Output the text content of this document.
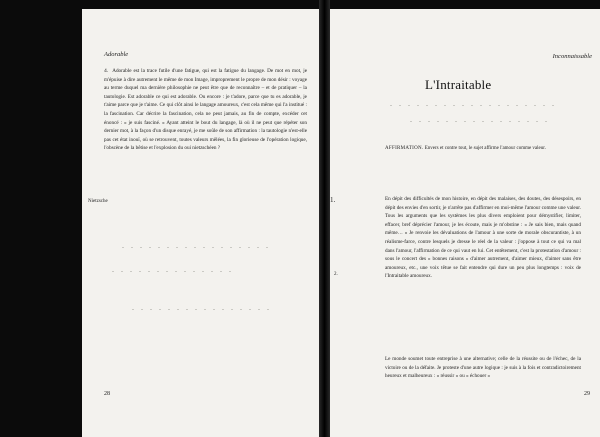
Adorable
4. Adorable est la trace futile d'une fatigue, qui est la fatigue du langage. De mot en mot, je m'épuise à dire autrement le même de mon Image, improprement le propre de mon désir : voyage au terme duquel ma dernière philosophie ne peut être que de reconnaître – et de pratiquer – la tautologie. Est adorable ce qui est adorable. Ou encore : je t'adore, parce que tu es adorable, je t'aime parce que je t'aime. Ce qui clôt ainsi le langage amoureux, c'est cela même qui l'a institué : la fascination. Car décrire la fascination, cela ne peut jamais, au fin de compte, excéder cet énoncé : « je suis fasciné. » Ayant atteint le bout du langage, là où il ne peut que répéter son dernier mot, à la façon d'un disque enrayé, je me soûle de son affirmation : la tautologie n'est-elle pas cet état inouï, où se retrouvent, toutes valeurs mêlées, la fin glorieuse de l'opération logique, l'obscène de la bêtise et l'explosion du oui nietzschéen ?
Nietzsche
28
Inconnaissable
L'Intraitable
AFFIRMATION. Envers et contre tout, le sujet affirme l'amour comme valeur.
1.	En dépit des difficultés de mon histoire, en dépit des malaises, des doutes, des désespoirs, en dépit des envies d'en sortir, je n'arrête pas d'affirmer en moi-même l'amour comme une valeur. Tous les arguments que les systèmes les plus divers emploient pour démystifier, limiter, effacer, bref déprécier l'amour, je les écoute, mais je m'obstine : « Je sais bien, mais quand même… » Je renvoie les dévaluations de l'amour à une sorte de morale obscurantiste, à un réalisme-farce, contre lesquels je dresse le réel de la valeur : j'oppose à tout ce qui va mal dans l'amour, l'affirmation de ce qui vaut en lui. Cet entêtement, c'est la protestation d'amour : sous le concert des « bonnes raisons » d'aimer autrement, d'aimer mieux, d'aimer sans être amoureux, etc., une voix têtue se fait entendre qui dure un peu plus longtemps : voix de l'Intraitable amoureux.
2.
Le monde soumet toute entreprise à une alternative; celle de la réussite ou de l'échec, de la victoire ou de la défaite. Je proteste d'une autre logique : je suis à la fois et contradictoirement heureux et malheureux : « réussir » ou « échouer »
29
